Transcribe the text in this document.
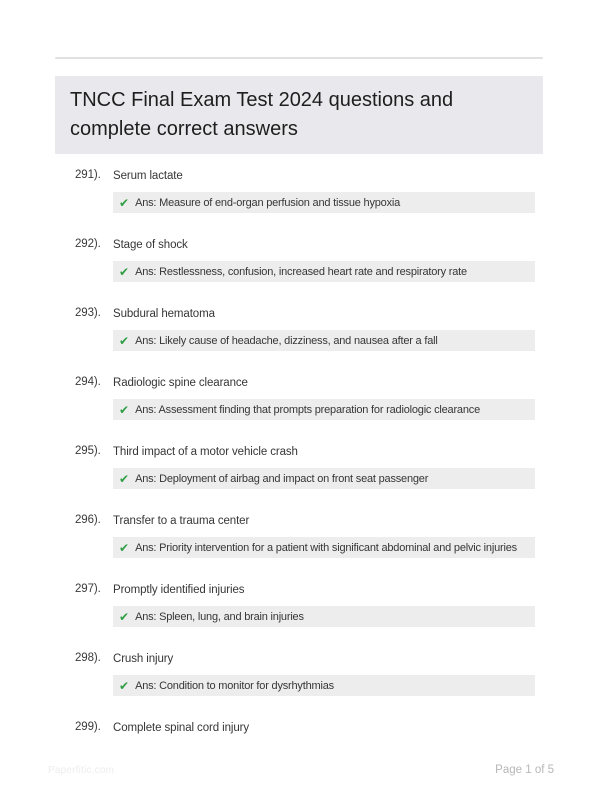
TNCC Final Exam Test 2024 questions and complete correct answers
291). Serum lactate
✔ Ans: Measure of end-organ perfusion and tissue hypoxia
292). Stage of shock
✔ Ans: Restlessness, confusion, increased heart rate and respiratory rate
293). Subdural hematoma
✔ Ans: Likely cause of headache, dizziness, and nausea after a fall
294). Radiologic spine clearance
✔ Ans: Assessment finding that prompts preparation for radiologic clearance
295). Third impact of a motor vehicle crash
✔ Ans: Deployment of airbag and impact on front seat passenger
296). Transfer to a trauma center
✔ Ans: Priority intervention for a patient with significant abdominal and pelvic injuries
297). Promptly identified injuries
✔ Ans: Spleen, lung, and brain injuries
298). Crush injury
✔ Ans: Condition to monitor for dysrhythmias
299). Complete spinal cord injury
Paperfitic.com	Page 1 of 5
